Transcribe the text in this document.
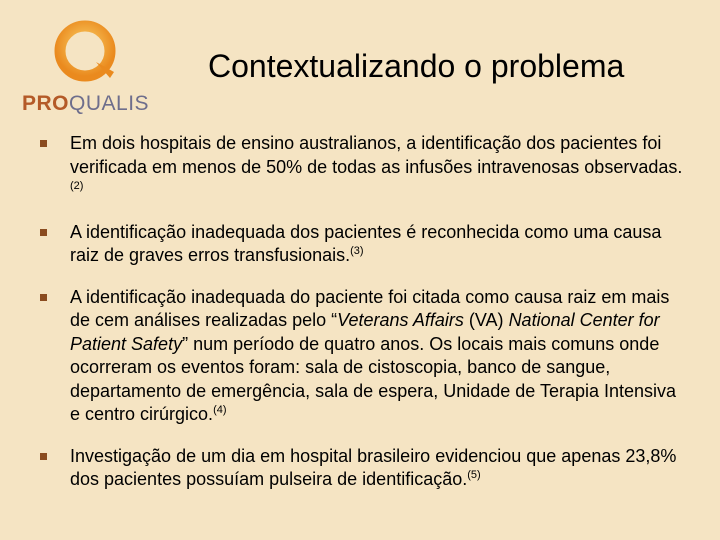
PROQUALIS
Contextualizando o problema
Em dois hospitais de ensino australianos, a identificação dos pacientes foi verificada em menos de 50% de todas as infusões intravenosas observadas.$^{(2)}$
A identificação inadequada dos pacientes é reconhecida como uma causa raiz de graves erros transfusionais.$^{(3)}$
A identificação inadequada do paciente foi citada como causa raiz em mais de cem análises realizadas pelo “Veterans Affairs (VA) National Center for Patient Safety” num período de quatro anos. Os locais mais comuns onde ocorreram os eventos foram: sala de cistoscopia, banco de sangue, departamento de emergência, sala de espera, Unidade de Terapia Intensiva e centro cirúrgico.$^{(4)}$
Investigação de um dia em hospital brasileiro evidenciou que apenas 23,8% dos pacientes possuíam pulseira de identificação.$^{(5)}$
